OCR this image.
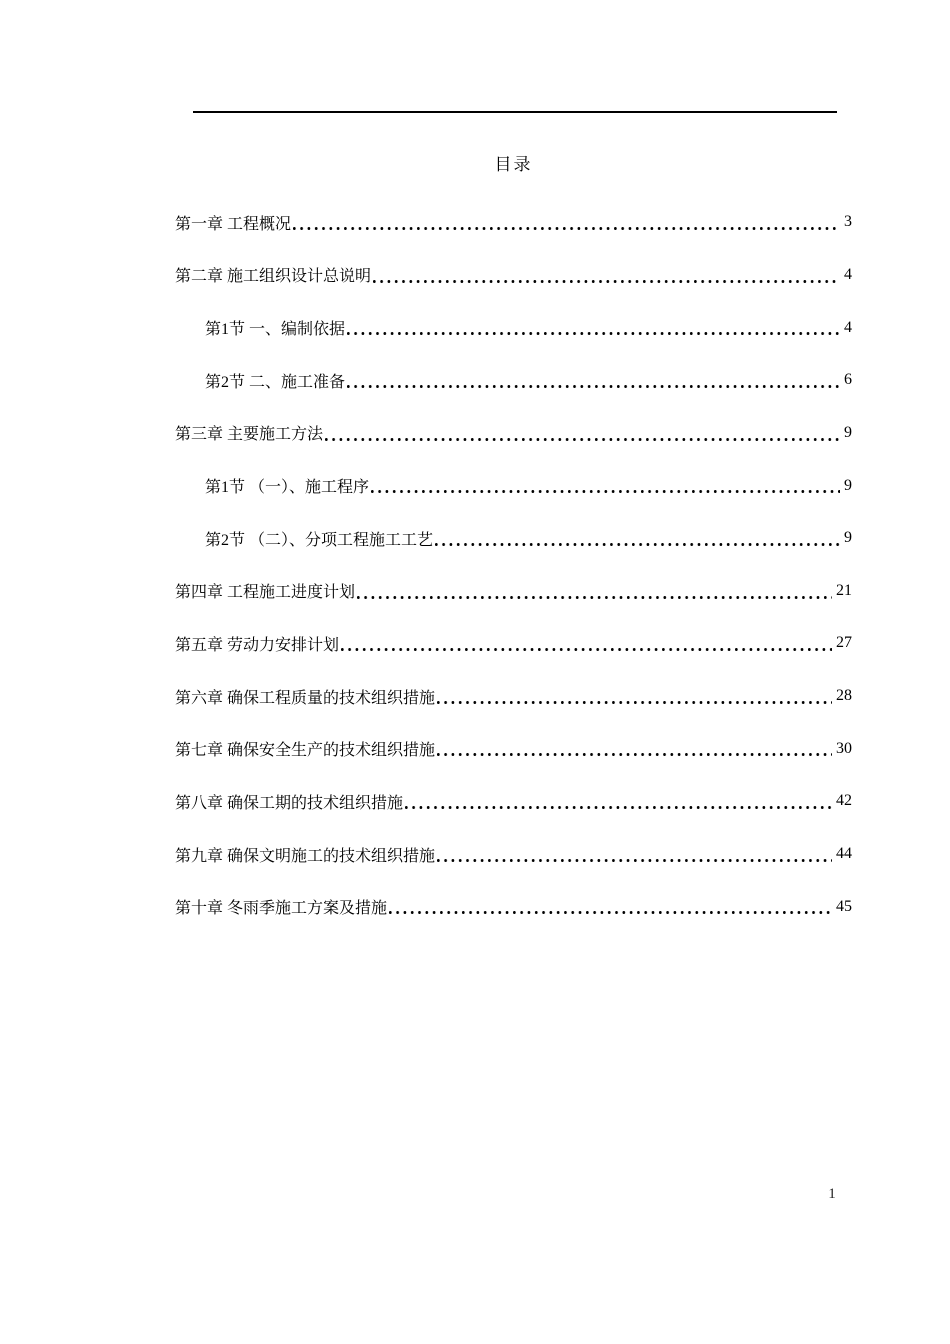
目录
第一章 工程概况	3
第二章 施工组织设计总说明	4
第1节 一、编制依据	4
第2节 二、施工准备	6
第三章 主要施工方法	9
第1节 （一）、施工程序	9
第2节 （二）、分项工程施工工艺	9
第四章 工程施工进度计划	21
第五章 劳动力安排计划	27
第六章 确保工程质量的技术组织措施	28
第七章 确保安全生产的技术组织措施	30
第八章 确保工期的技术组织措施	42
第九章 确保文明施工的技术组织措施	44
第十章 冬雨季施工方案及措施	45
1
